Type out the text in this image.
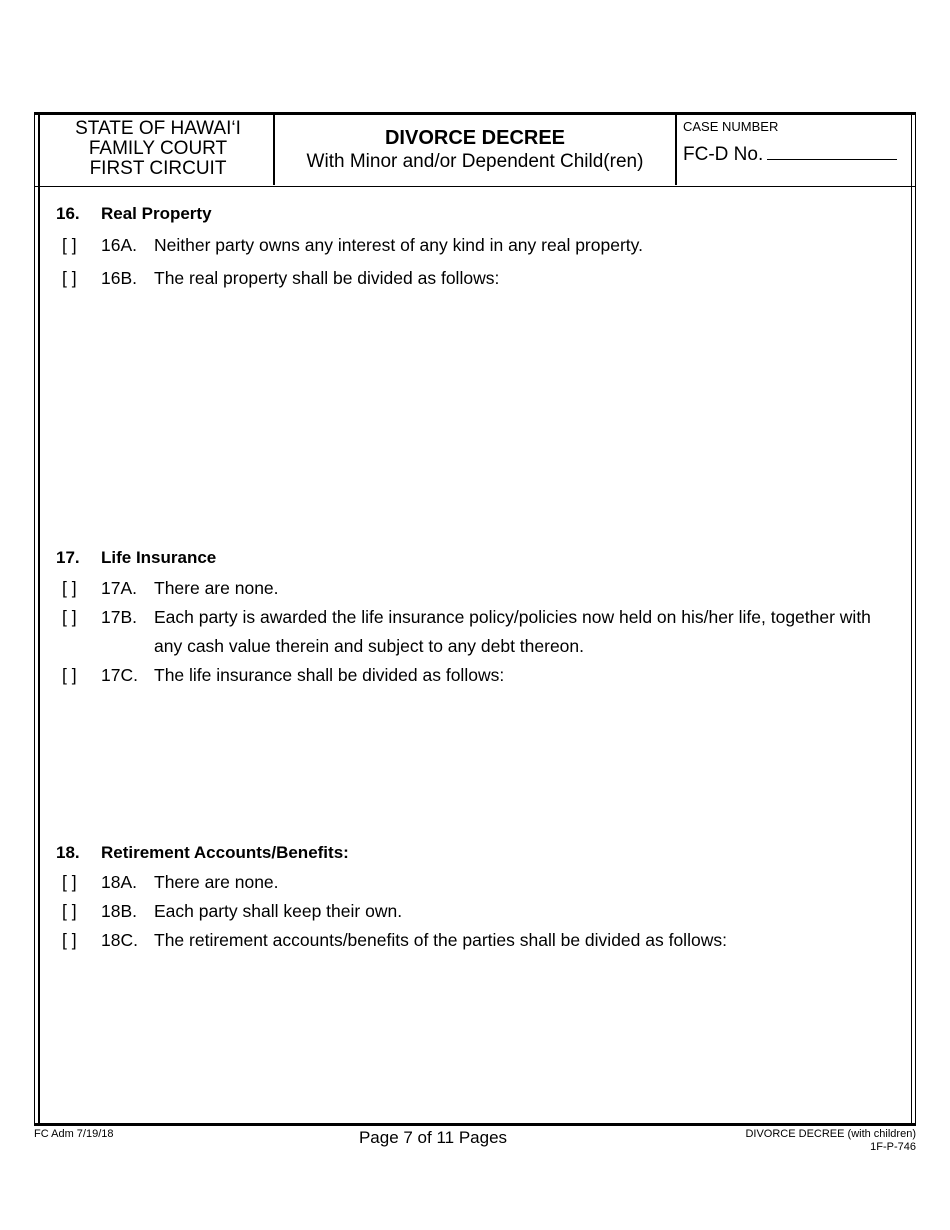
STATE OF HAWAI‘I
FAMILY COURT
FIRST CIRCUIT
DIVORCE DECREE
With Minor and/or Dependent Child(ren)
CASE NUMBER
FC-D No.
16. Real Property
[ ] 16A. Neither party owns any interest of any kind in any real property.
[ ] 16B. The real property shall be divided as follows:
17. Life Insurance
[ ] 17A. There are none.
[ ] 17B. Each party is awarded the life insurance policy/policies now held on his/her life, together with
any cash value therein and subject to any debt thereon.
[ ] 17C. The life insurance shall be divided as follows:
18. Retirement Accounts/Benefits:
[ ] 18A. There are none.
[ ] 18B. Each party shall keep their own.
[ ] 18C. The retirement accounts/benefits of the parties shall be divided as follows:
FC Adm 7/19/18	Page 7 of 11 Pages	DIVORCE DECREE (with children)
1F-P-746
